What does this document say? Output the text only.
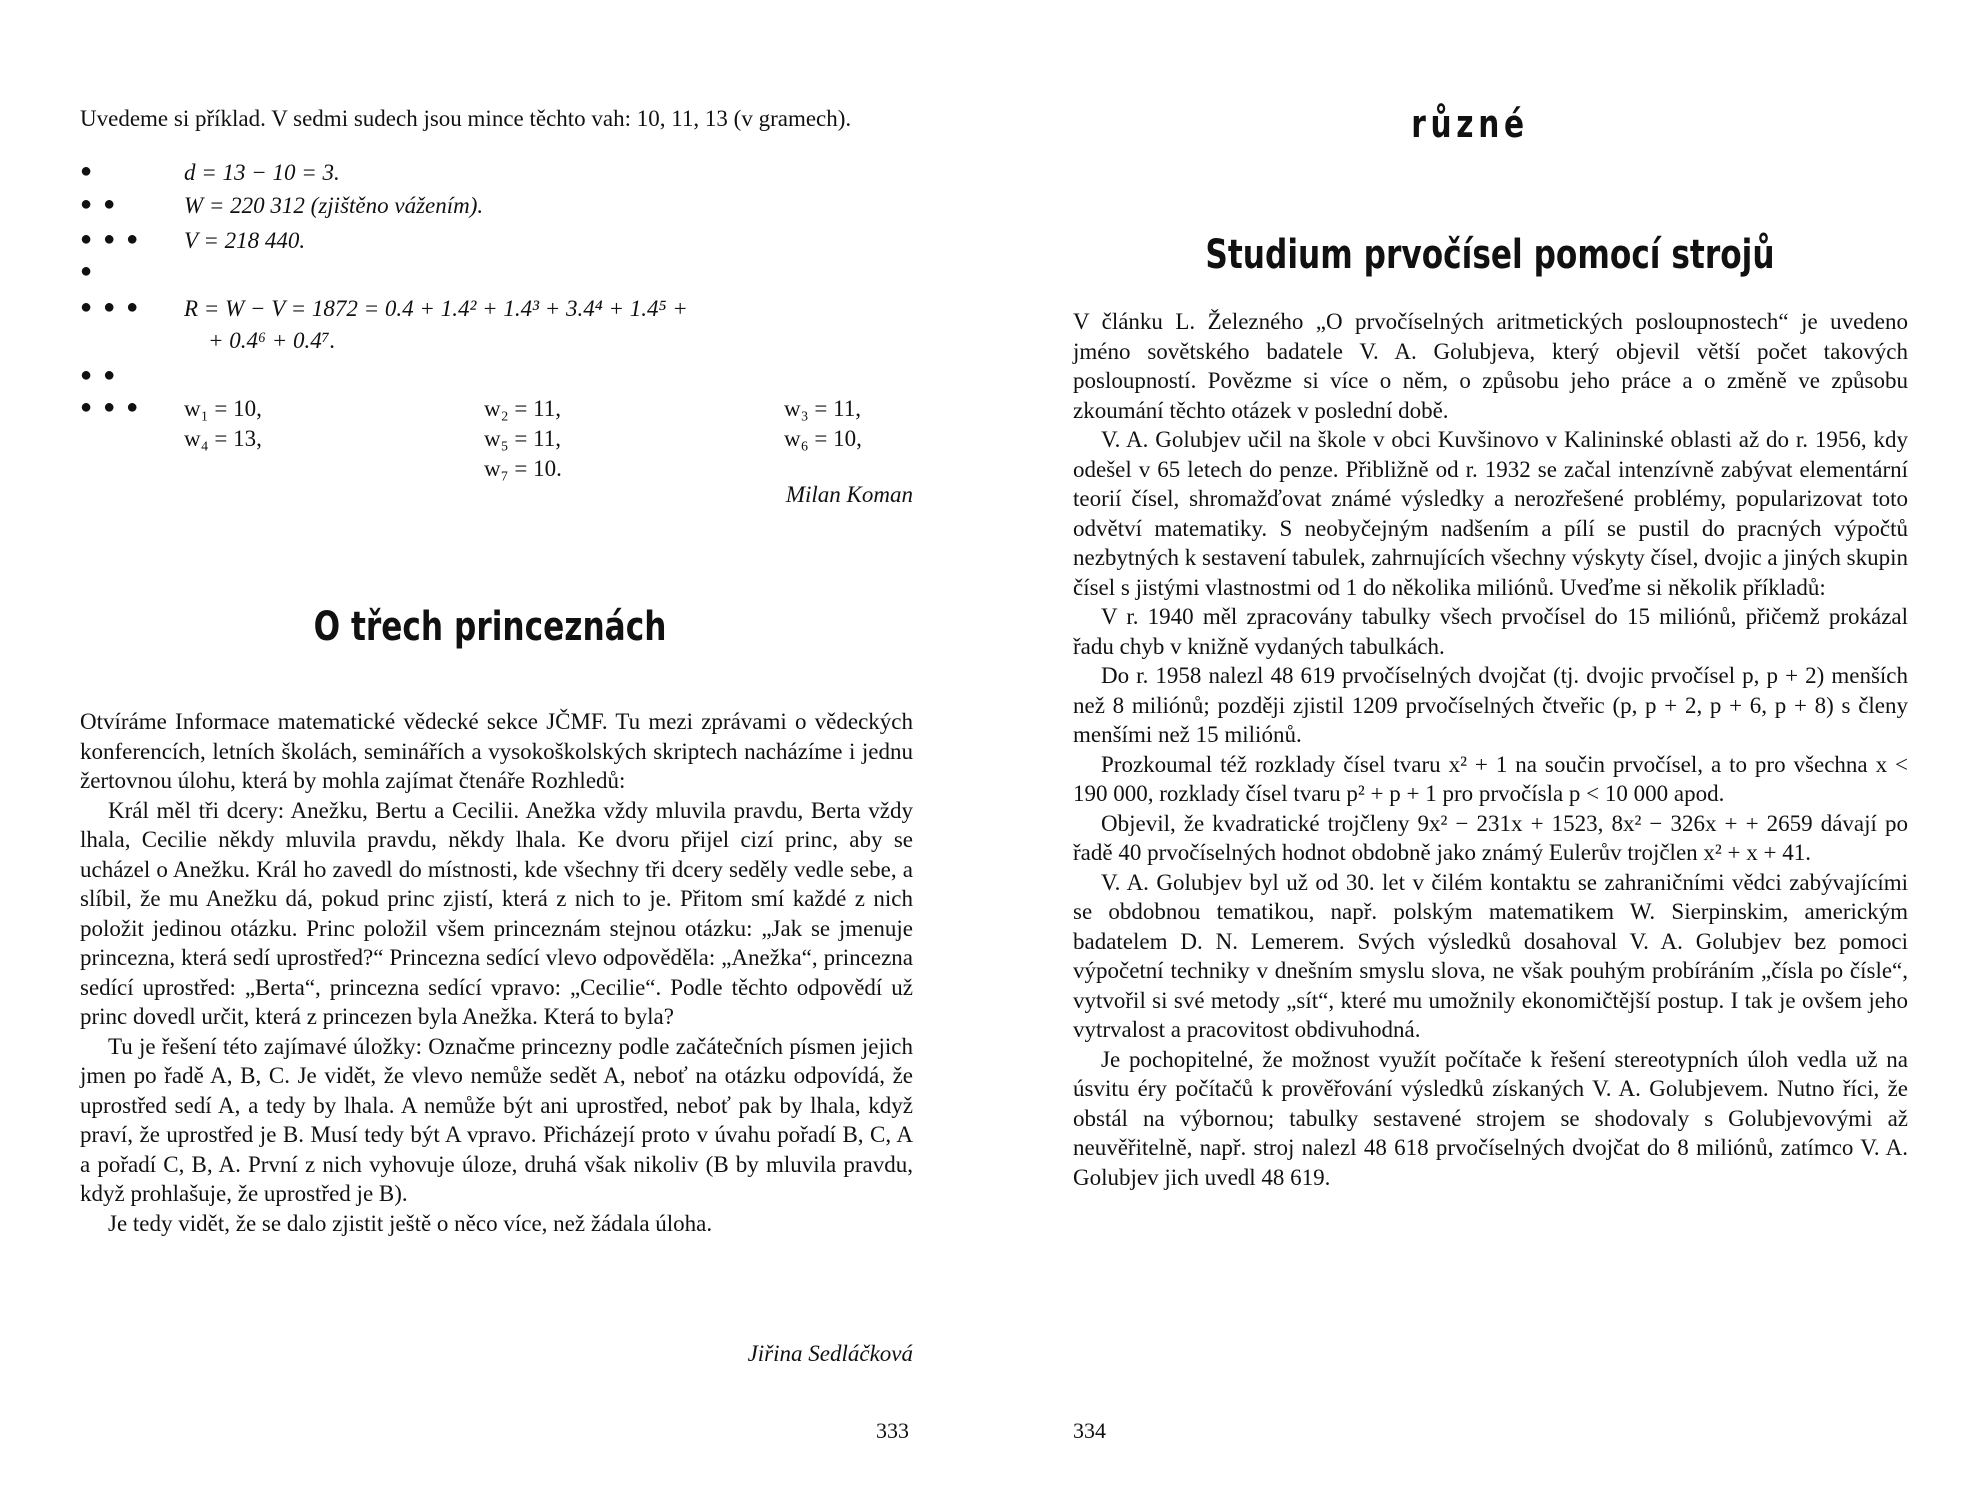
Uvedeme si příklad. V sedmi sudech jsou mince těchto vah: 10, 11, 13 (v gramech).

●	d = 13 − 10 = 3.
● ●	W = 220 312 (zjištěno vážením).
● ● ●	V = 218 440.
●
● ● ●	R = W − V = 1872 = 0.4 + 1.4² + 1.4³ + 3.4⁴ + 1.4⁵ +
+ 0.4⁶ + 0.4⁷.
● ●
● ● ●	w₁ = 10,	w₂ = 11,	w₃ = 11,
w₄ = 13,	w₅ = 11,	w₆ = 10,
w₇ = 10.
Milan Koman
O třech princeznách

Otvíráme Informace matematické vědecké sekce JČMF. Tu mezi zprávami o vědeckých konferencích, letních školách, seminářích a vysokoškolských skriptech nacházíme i jednu žertovnou úlohu, která by mohla zajímat čtenáře Rozhledů:

Král měl tři dcery: Anežku, Bertu a Cecilii. Anežka vždy mluvila pravdu, Berta vždy lhala, Cecilie někdy mluvila pravdu, někdy lhala. Ke dvoru přijel cizí princ, aby se ucházel o Anežku. Král ho zavedl do místnosti, kde všechny tři dcery seděly vedle sebe, a slíbil, že mu Anežku dá, pokud princ zjistí, která z nich to je. Přitom smí každé z nich položit jedinou otázku. Princ položil všem princeznám stejnou otázku: „Jak se jmenuje princezna, která sedí uprostřed?“ Princezna sedící vlevo odpověděla: „Anežka“, princezna sedící uprostřed: „Berta“, princezna sedící vpravo: „Cecilie“. Podle těchto odpovědí už princ dovedl určit, která z princezen byla Anežka. Která to byla?

Tu je řešení této zajímavé úložky: Označme princezny podle začátečních písmen jejich jmen po řadě A, B, C. Je vidět, že vlevo nemůže sedět A, neboť na otázku odpovídá, že uprostřed sedí A, a tedy by lhala. A nemůže být ani uprostřed, neboť pak by lhala, když praví, že uprostřed je B. Musí tedy být A vpravo. Přicházejí proto v úvahu pořadí B, C, A a pořadí C, B, A. První z nich vyhovuje úloze, druhá však nikoliv (B by mluvila pravdu, když prohlašuje, že uprostřed je B).

Je tedy vidět, že se dalo zjistit ještě o něco více, než žádala úloha.

Jiřina Sedláčková
333
různé
Studium prvočísel pomocí strojů

V článku L. Železného „O prvočíselných aritmetických posloupnostech“ je uvedeno jméno sovětského badatele V. A. Golubjeva, který objevil větší počet takových posloupností. Povězme si více o něm, o způsobu jeho práce a o změně ve způsobu zkoumání těchto otázek v poslední době.

V. A. Golubjev učil na škole v obci Kuvšinovo v Kalininské oblasti až do r. 1956, kdy odešel v 65 letech do penze. Přibližně od r. 1932 se začal intenzívně zabývat elementární teorií čísel, shromažďovat známé výsledky a nerozřešené problémy, popularizovat toto odvětví matematiky. S neobyčejným nadšením a pílí se pustil do pracných výpočtů nezbytných k sestavení tabulek, zahrnujících všechny výskyty čísel, dvojic a jiných skupin čísel s jistými vlastnostmi od 1 do několika miliónů. Uveďme si několik příkladů:

V r. 1940 měl zpracovány tabulky všech prvočísel do 15 miliónů, přičemž prokázal řadu chyb v knižně vydaných tabulkách.

Do r. 1958 nalezl 48 619 prvočíselných dvojčat (tj. dvojic prvočísel p, p + 2) menších než 8 miliónů; později zjistil 1209 prvočíselných čtveřic (p, p + 2, p + 6, p + 8) s členy menšími než 15 miliónů.

Prozkoumal též rozklady čísel tvaru x² + 1 na součin prvočísel, a to pro všechna x < 190 000, rozklady čísel tvaru p² + p + 1 pro prvočísla p < 10 000 apod.

Objevil, že kvadratické trojčleny 9x² − 231x + 1523, 8x² − 326x + + 2659 dávají po řadě 40 prvočíselných hodnot obdobně jako známý Eulerův trojčlen x² + x + 41.

V. A. Golubjev byl už od 30. let v čilém kontaktu se zahraničními vědci zabývajícími se obdobnou tematikou, např. polským matematikem W. Sierpinskim, americkým badatelem D. N. Lemerem. Svých výsledků dosahoval V. A. Golubjev bez pomoci výpočetní techniky v dnešním smyslu slova, ne však pouhým probíráním „čísla po čísle“, vytvořil si své metody „sít“, které mu umožnily ekonomičtější postup. I tak je ovšem jeho vytrvalost a pracovitost obdivuhodná.

Je pochopitelné, že možnost využít počítače k řešení stereotypních úloh vedla už na úsvitu éry počítačů k prověřování výsledků získaných V. A. Golubjevem. Nutno říci, že obstál na výbornou; tabulky sestavené strojem se shodovaly s Golubjevovými až neuvěřitelně, např. stroj nalezl 48 618 prvočíselných dvojčat do 8 miliónů, zatímco V. A. Golubjev jich uvedl 48 619.

334
